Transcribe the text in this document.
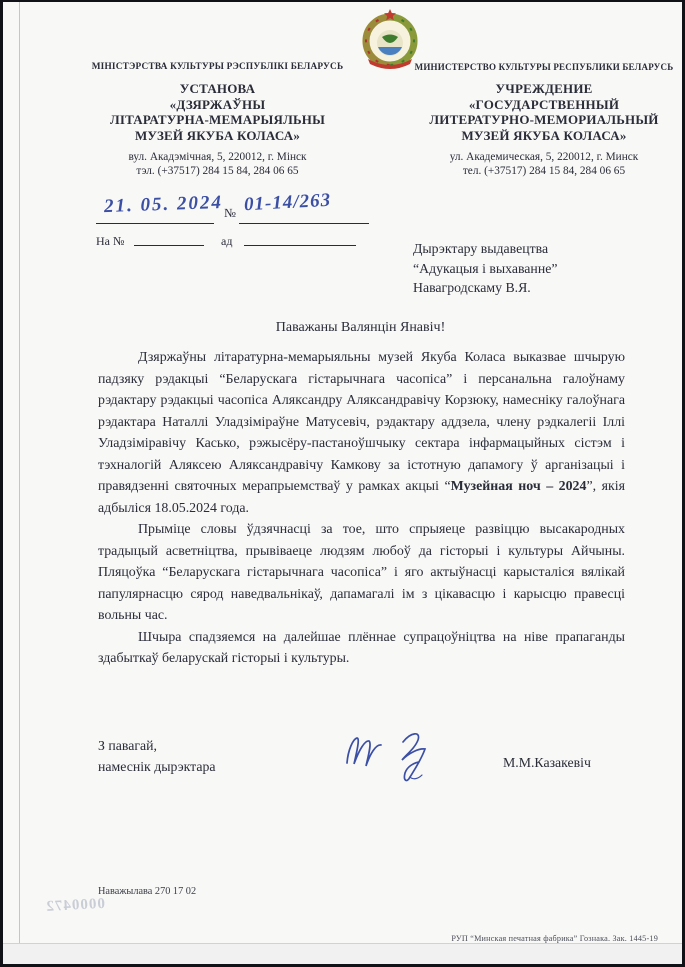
МІНІСТЭРСТВА КУЛЬТУРЫ РЭСПУБЛІКІ БЕЛАРУСЬ
УСТАНОВА
«ДЗЯРЖАЎНЫ
ЛІТАРАТУРНА-МЕМАРЫЯЛЬНЫ
МУЗЕЙ ЯКУБА КОЛАСА»
вул. Акадэмічная, 5, 220012, г. Мінск
тэл. (+37517) 284 15 84, 284 06 65
МИНИСТЕРСТВО КУЛЬТУРЫ РЕСПУБЛИКИ БЕЛАРУСЬ
УЧРЕЖДЕНИЕ
«ГОСУДАРСТВЕННЫЙ
ЛИТЕРАТУРНО-МЕМОРИАЛЬНЫЙ
МУЗЕЙ ЯКУБА КОЛАСА»
ул. Академическая, 5, 220012, г. Минск
тел. (+37517) 284 15 84, 284 06 65
21. 05. 2024 № 01-14/263
На №	ад	Дырэктару выдавецтва
“Адукацыя і выхаванне”
Навагродскаму В.Я.
Паважаны Валянцін Янавіч!

Дзяржаўны літаратурна-мемарыяльны музей Якуба Коласа выказвае шчырую падзяку рэдакцыі “Беларускага гістарычнага часопіса” і персанальна галоўнаму рэдактару рэдакцыі часопіса Аляксандру Аляксандравічу Корзюку, намесніку галоўнага рэдактара Наталлі Уладзіміраўне Матусевіч, рэдактару аддзела, члену рэдкалегіі Іллі Уладзіміравічу Касько, рэжысёру-пастаноўшчыку сектара інфармацыйных сістэм і тэхналогій Аляксею Аляксандравічу Камкову за істотную дапамогу ў арганізацыі і правядзенні святочных мерапрыемстваў у рамках акцыі “Музейная ноч – 2024”, якія адбыліся 18.05.2024 года.

Прыміце словы ўдзячнасці за тое, што спрыяеце развіццю высакародных традыцый асветніцтва, прывіваеце людзям любоў да гісторыі і культуры Айчыны. Пляцоўка “Беларускага гістарычнага часопіса” і яго актыўнасці карысталіся вялікай папулярнасцю сярод наведвальнікаў, дапамагалі ім з цікавасцю і карысцю правесці вольны час.

Шчыра спадзяемся на далейшае плённае супрацоўніцтва на ніве прапаганды здабыткаў беларускай гісторыі і культуры.

З павагай,
намеснік дырэктара	М.М.Казакевіч
Наважылава 270 17 02
0000472
РУП “Минская печатная фабрика” Гознака. Зак. 1445-19
